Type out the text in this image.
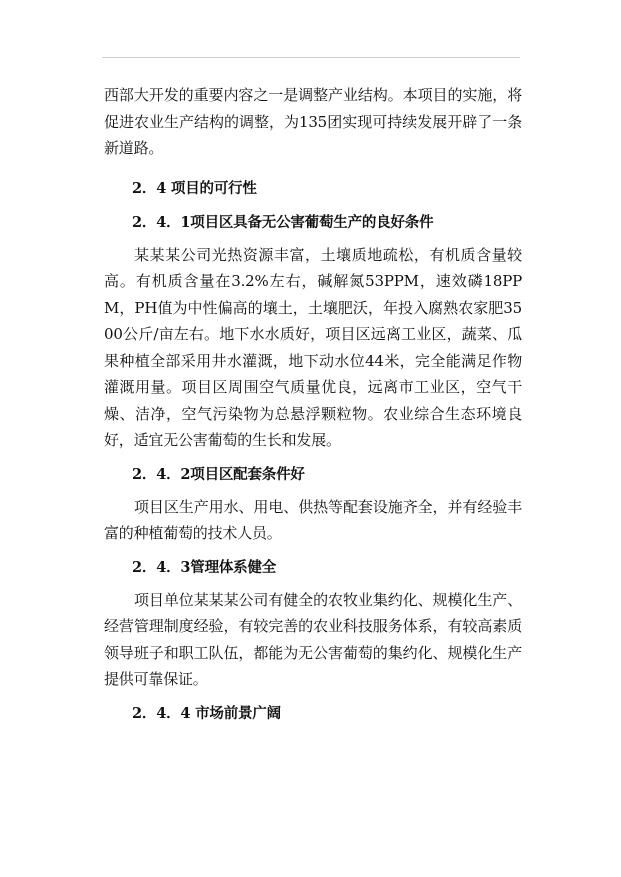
西部大开发的重要内容之一是调整产业结构。本项目的实施，将促进农业生产结构的调整，为135团实现可持续发展开辟了一条新道路。

2．4 项目的可行性

2．4．1项目区具备无公害葡萄生产的良好条件

某某某公司光热资源丰富，土壤质地疏松，有机质含量较高。有机质含量在3.2%左右，碱解氮53PPM，速效磷18PPM，PH值为中性偏高的壤土，土壤肥沃，年投入腐熟农家肥3500公斤/亩左右。地下水水质好，项目区远离工业区，蔬菜、瓜果种植全部采用井水灌溉，地下动水位44米，完全能满足作物灌溉用量。项目区周围空气质量优良，远离市工业区，空气干燥、洁净，空气污染物为总悬浮颗粒物。农业综合生态环境良好，适宜无公害葡萄的生长和发展。

2．4．2项目区配套条件好

项目区生产用水、用电、供热等配套设施齐全，并有经验丰富的种植葡萄的技术人员。

2．4．3管理体系健全

项目单位某某某公司有健全的农牧业集约化、规模化生产、经营管理制度经验，有较完善的农业科技服务体系，有较高素质领导班子和职工队伍，都能为无公害葡萄的集约化、规模化生产提供可靠保证。

2．4．4 市场前景广阔
